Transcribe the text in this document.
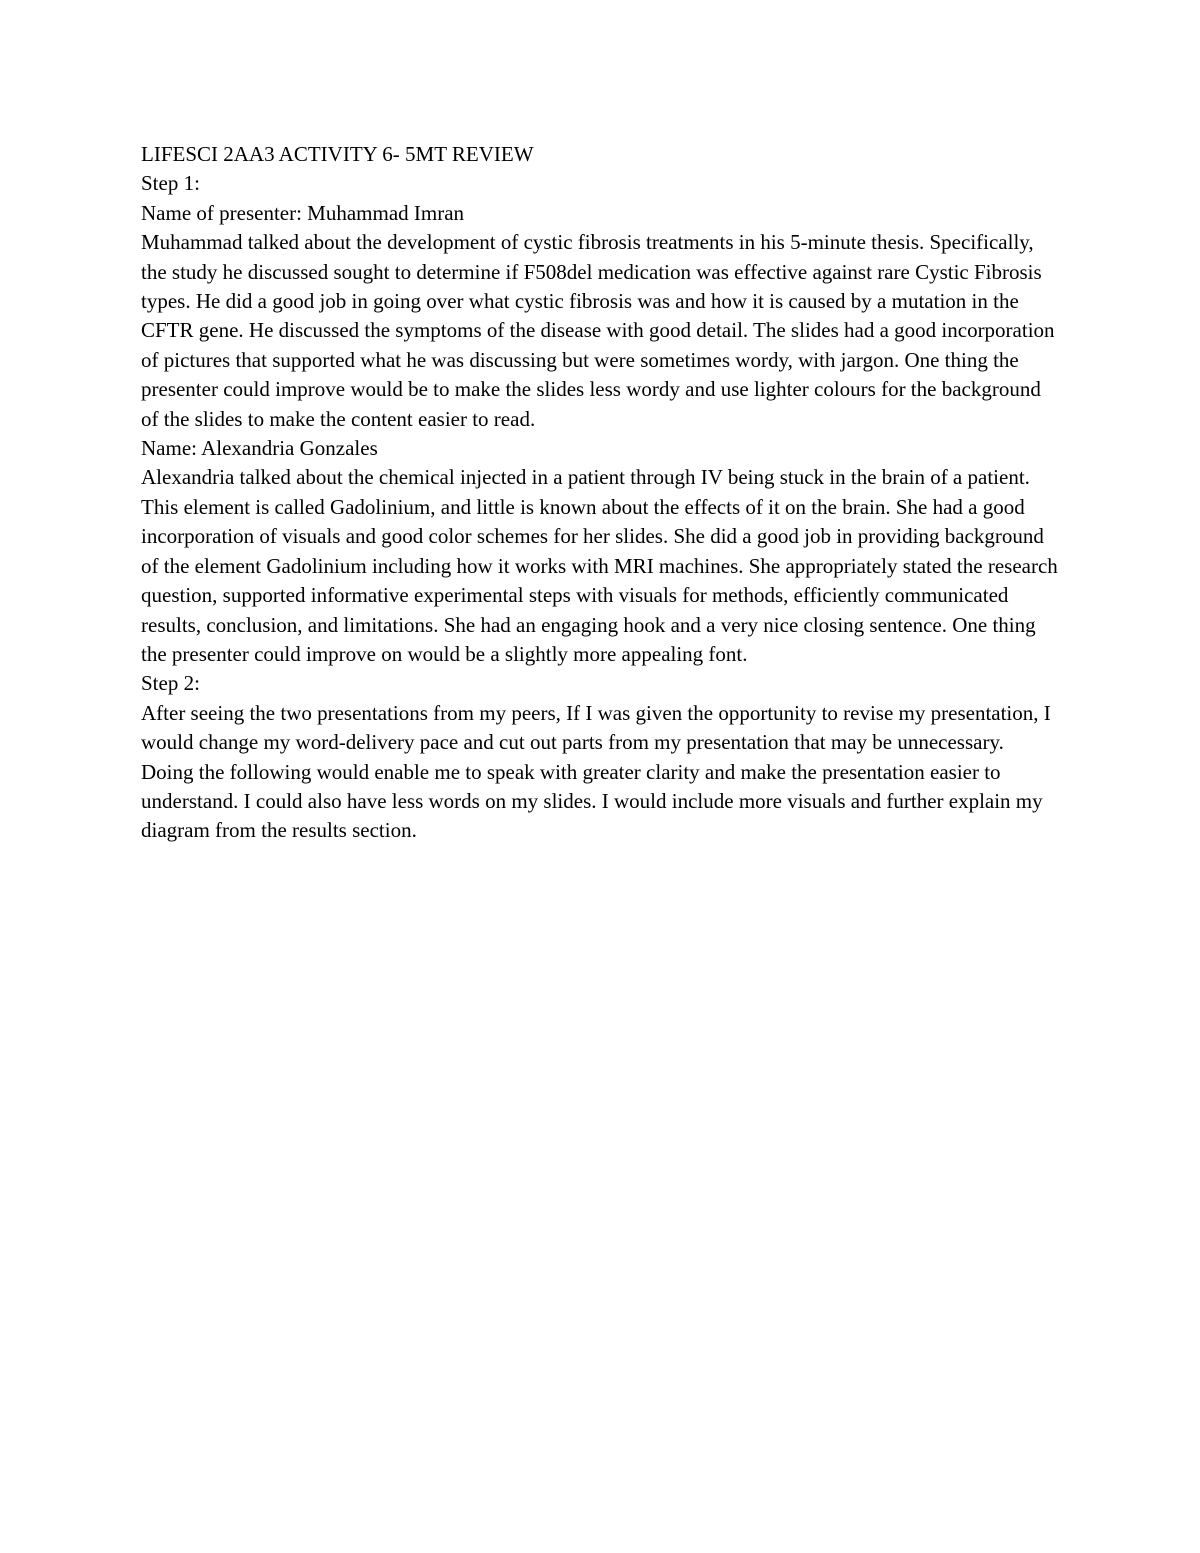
LIFESCI 2AA3 ACTIVITY 6- 5MT REVIEW

Step 1:

Name of presenter: Muhammad Imran

Muhammad talked about the development of cystic fibrosis treatments in his 5-minute thesis. Specifically, the study he discussed sought to determine if F508del medication was effective against rare Cystic Fibrosis types. He did a good job in going over what cystic fibrosis was and how it is caused by a mutation in the CFTR gene. He discussed the symptoms of the disease with good detail. The slides had a good incorporation of pictures that supported what he was discussing but were sometimes wordy, with jargon. One thing the presenter could improve would be to make the slides less wordy and use lighter colours for the background of the slides to make the content easier to read.

Name: Alexandria Gonzales

Alexandria talked about the chemical injected in a patient through IV being stuck in the brain of a patient. This element is called Gadolinium, and little is known about the effects of it on the brain. She had a good incorporation of visuals and good color schemes for her slides. She did a good job in providing background of the element Gadolinium including how it works with MRI machines. She appropriately stated the research question, supported informative experimental steps with visuals for methods, efficiently communicated results, conclusion, and limitations. She had an engaging hook and a very nice closing sentence. One thing the presenter could improve on would be a slightly more appealing font.

Step 2:

After seeing the two presentations from my peers, If I was given the opportunity to revise my presentation, I would change my word-delivery pace and cut out parts from my presentation that may be unnecessary. Doing the following would enable me to speak with greater clarity and make the presentation easier to understand. I could also have less words on my slides. I would include more visuals and further explain my diagram from the results section.
